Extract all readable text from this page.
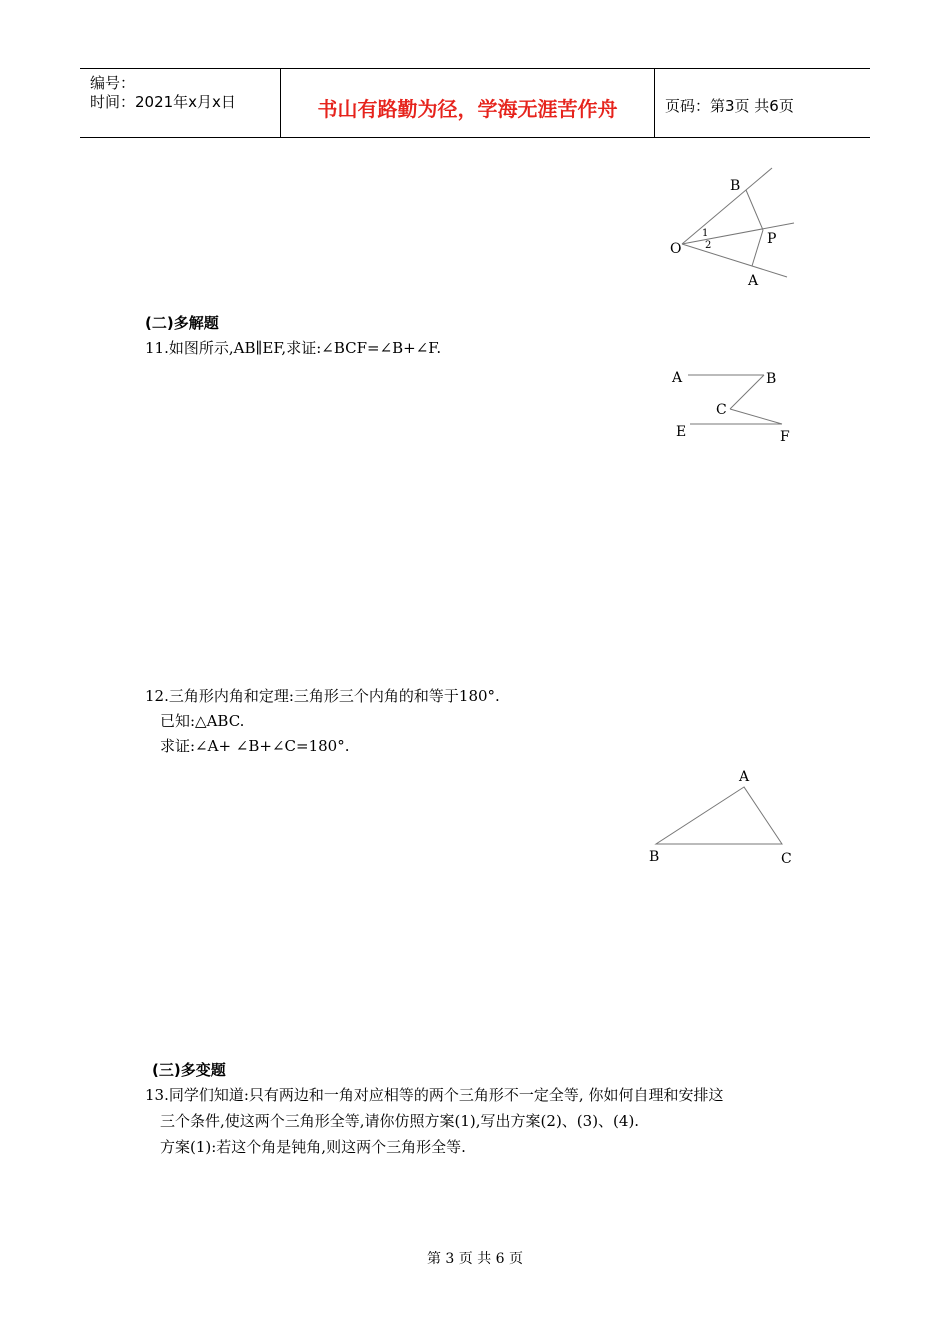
编号：
时间：2021年x月x日	书山有路勤为径，学海无涯苦作舟	页码：第3页 共6页
B
P
O
A
1
2
(二)多解题
11.如图所示,AB∥EF,求证:∠BCF=∠B+∠F.
A	B
C
E	F
12.三角形内角和定理:三角形三个内角的和等于180°.
已知:△ABC.
求证:∠A+ ∠B+∠C=180°.
A
B	C
(三)多变题
13.同学们知道:只有两边和一角对应相等的两个三角形不一定全等, 你如何自理和安排这
三个条件,使这两个三角形全等,请你仿照方案(1),写出方案(2)、(3)、(4).
方案(1):若这个角是钝角,则这两个三角形全等.
第 3 页 共 6 页
